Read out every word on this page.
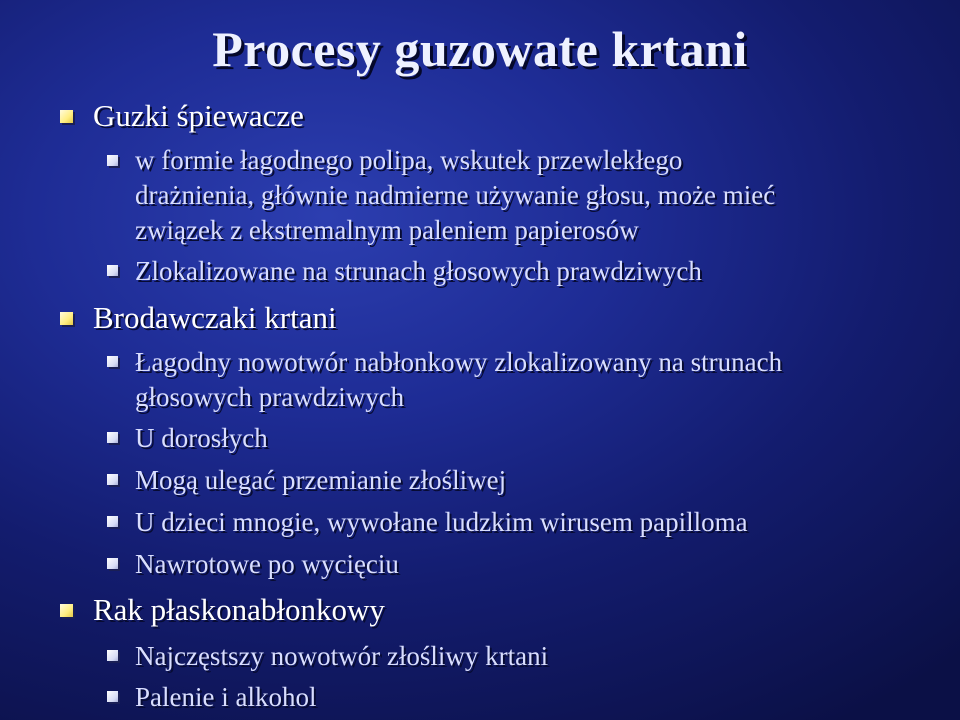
Procesy guzowate krtani
Guzki śpiewacze
w formie łagodnego polipa, wskutek przewlekłego
drażnienia, głównie nadmierne używanie głosu, może mieć
związek z ekstremalnym paleniem papierosów
Zlokalizowane na strunach głosowych prawdziwych
Brodawczaki krtani
Łagodny nowotwór nabłonkowy zlokalizowany na strunach
głosowych prawdziwych
U dorosłych
Mogą ulegać przemianie złośliwej
U dzieci mnogie, wywołane ludzkim wirusem papilloma
Nawrotowe po wycięciu
Rak płaskonabłonkowy
Najczęstszy nowotwór złośliwy krtani
Palenie i alkohol
